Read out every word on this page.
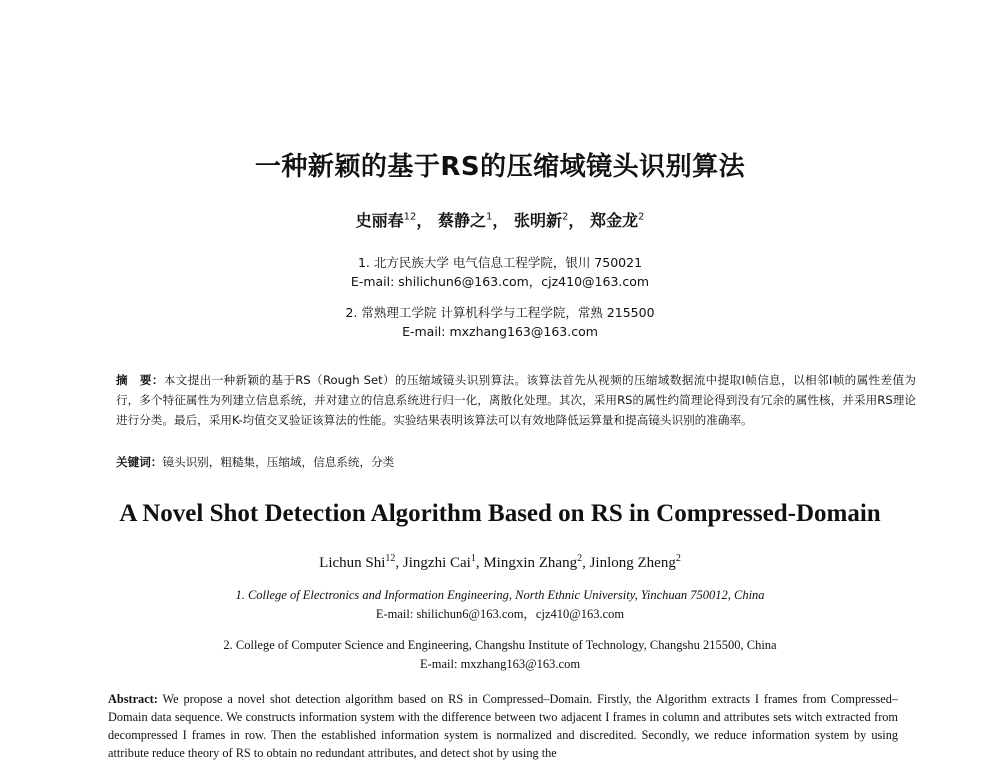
一种新颖的基于RS的压缩域镜头识别算法
史丽春$^{12}$， 蔡静之$^1$， 张明新$^2$， 郑金龙$^2$
1. 北方民族大学 电气信息工程学院，银川 750021
E-mail: shilichun6@163.com，cjz410@163.com
2. 常熟理工学院 计算机科学与工程学院，常熟 215500
E-mail: mxzhang163@163.com
摘　要：本文提出一种新颖的基于RS（Rough Set）的压缩域镜头识别算法。该算法首先从视频的压缩域数据流中提取I帧信息，以相邻I帧的属性差值为行，多个特征属性为列建立信息系统，并对建立的信息系统进行归一化，离散化处理。其次，采用RS的属性约简理论得到没有冗余的属性核，并采用RS理论进行分类。最后，采用K-均值交叉验证该算法的性能。实验结果表明该算法可以有效地降低运算量和提高镜头识别的准确率。
关键词：镜头识别，粗糙集，压缩域，信息系统，分类
A Novel Shot Detection Algorithm Based on RS in Compressed-Domain
Lichun Shi$^{12}$, Jingzhi Cai$^1$, Mingxin Zhang$^2$, Jinlong Zheng$^2$
1. College of Electronics and Information Engineering, North Ethnic University, Yinchuan 750012, China
E-mail: shilichun6@163.com，cjz410@163.com
2. College of Computer Science and Engineering, Changshu Institute of Technology, Changshu 215500, China
E-mail: mxzhang163@163.com
Abstract: We propose a novel shot detection algorithm based on RS in Compressed–Domain. Firstly, the Algorithm extracts I frames from Compressed–Domain data sequence. We constructs information system with the difference between two adjacent I frames in column and attributes sets witch extracted from decompressed I frames in row. Then the established information system is normalized and discredited. Secondly, we reduce information system by using attribute reduce theory of RS to obtain no redundant attributes, and detect shot by using the
